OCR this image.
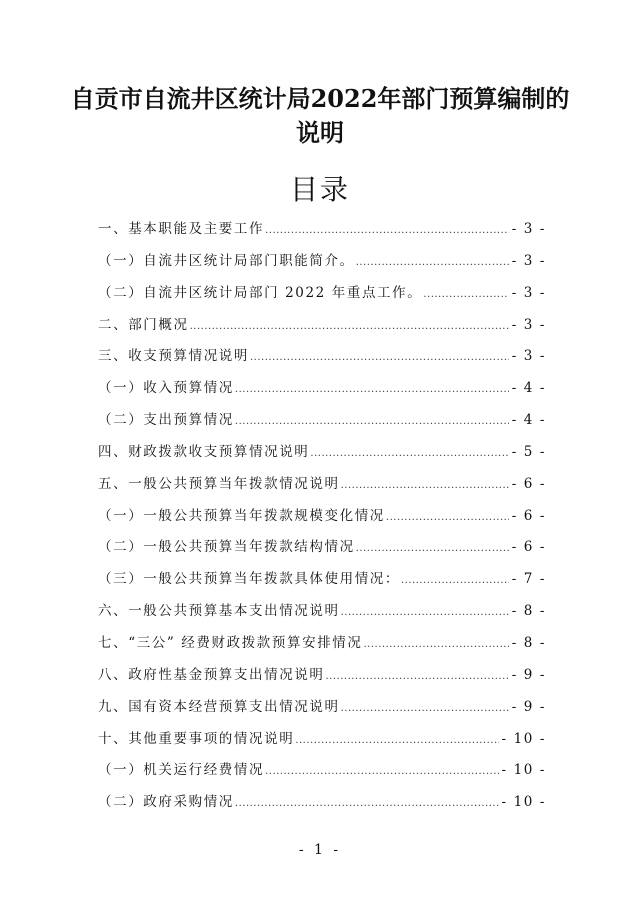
自贡市自流井区统计局2022年部门预算编制的
说明
目录
一、基本职能及主要工作 .....	- 3 -
（一）自流井区统计局部门职能简介。 .....	- 3 -
（二）自流井区统计局部门 2022 年重点工作。 .....	- 3 -
二、部门概况 .....	- 3 -
三、收支预算情况说明 .....	- 3 -
（一）收入预算情况 .....	- 4 -
（二）支出预算情况 .....	- 4 -
四、财政拨款收支预算情况说明 .....	- 5 -
五、一般公共预算当年拨款情况说明 .....	- 6 -
（一）一般公共预算当年拨款规模变化情况 .....	- 6 -
（二）一般公共预算当年拨款结构情况 .....	- 6 -
（三）一般公共预算当年拨款具体使用情况： .....	- 7 -
六、一般公共预算基本支出情况说明 .....	- 8 -
七、“三公” 经费财政拨款预算安排情况 .....	- 8 -
八、政府性基金预算支出情况说明 .....	- 9 -
九、国有资本经营预算支出情况说明 .....	- 9 -
十、其他重要事项的情况说明 .....	- 10 -
（一）机关运行经费情况 .....	- 10 -
（二）政府采购情况 .....	- 10 -
- 1 -
